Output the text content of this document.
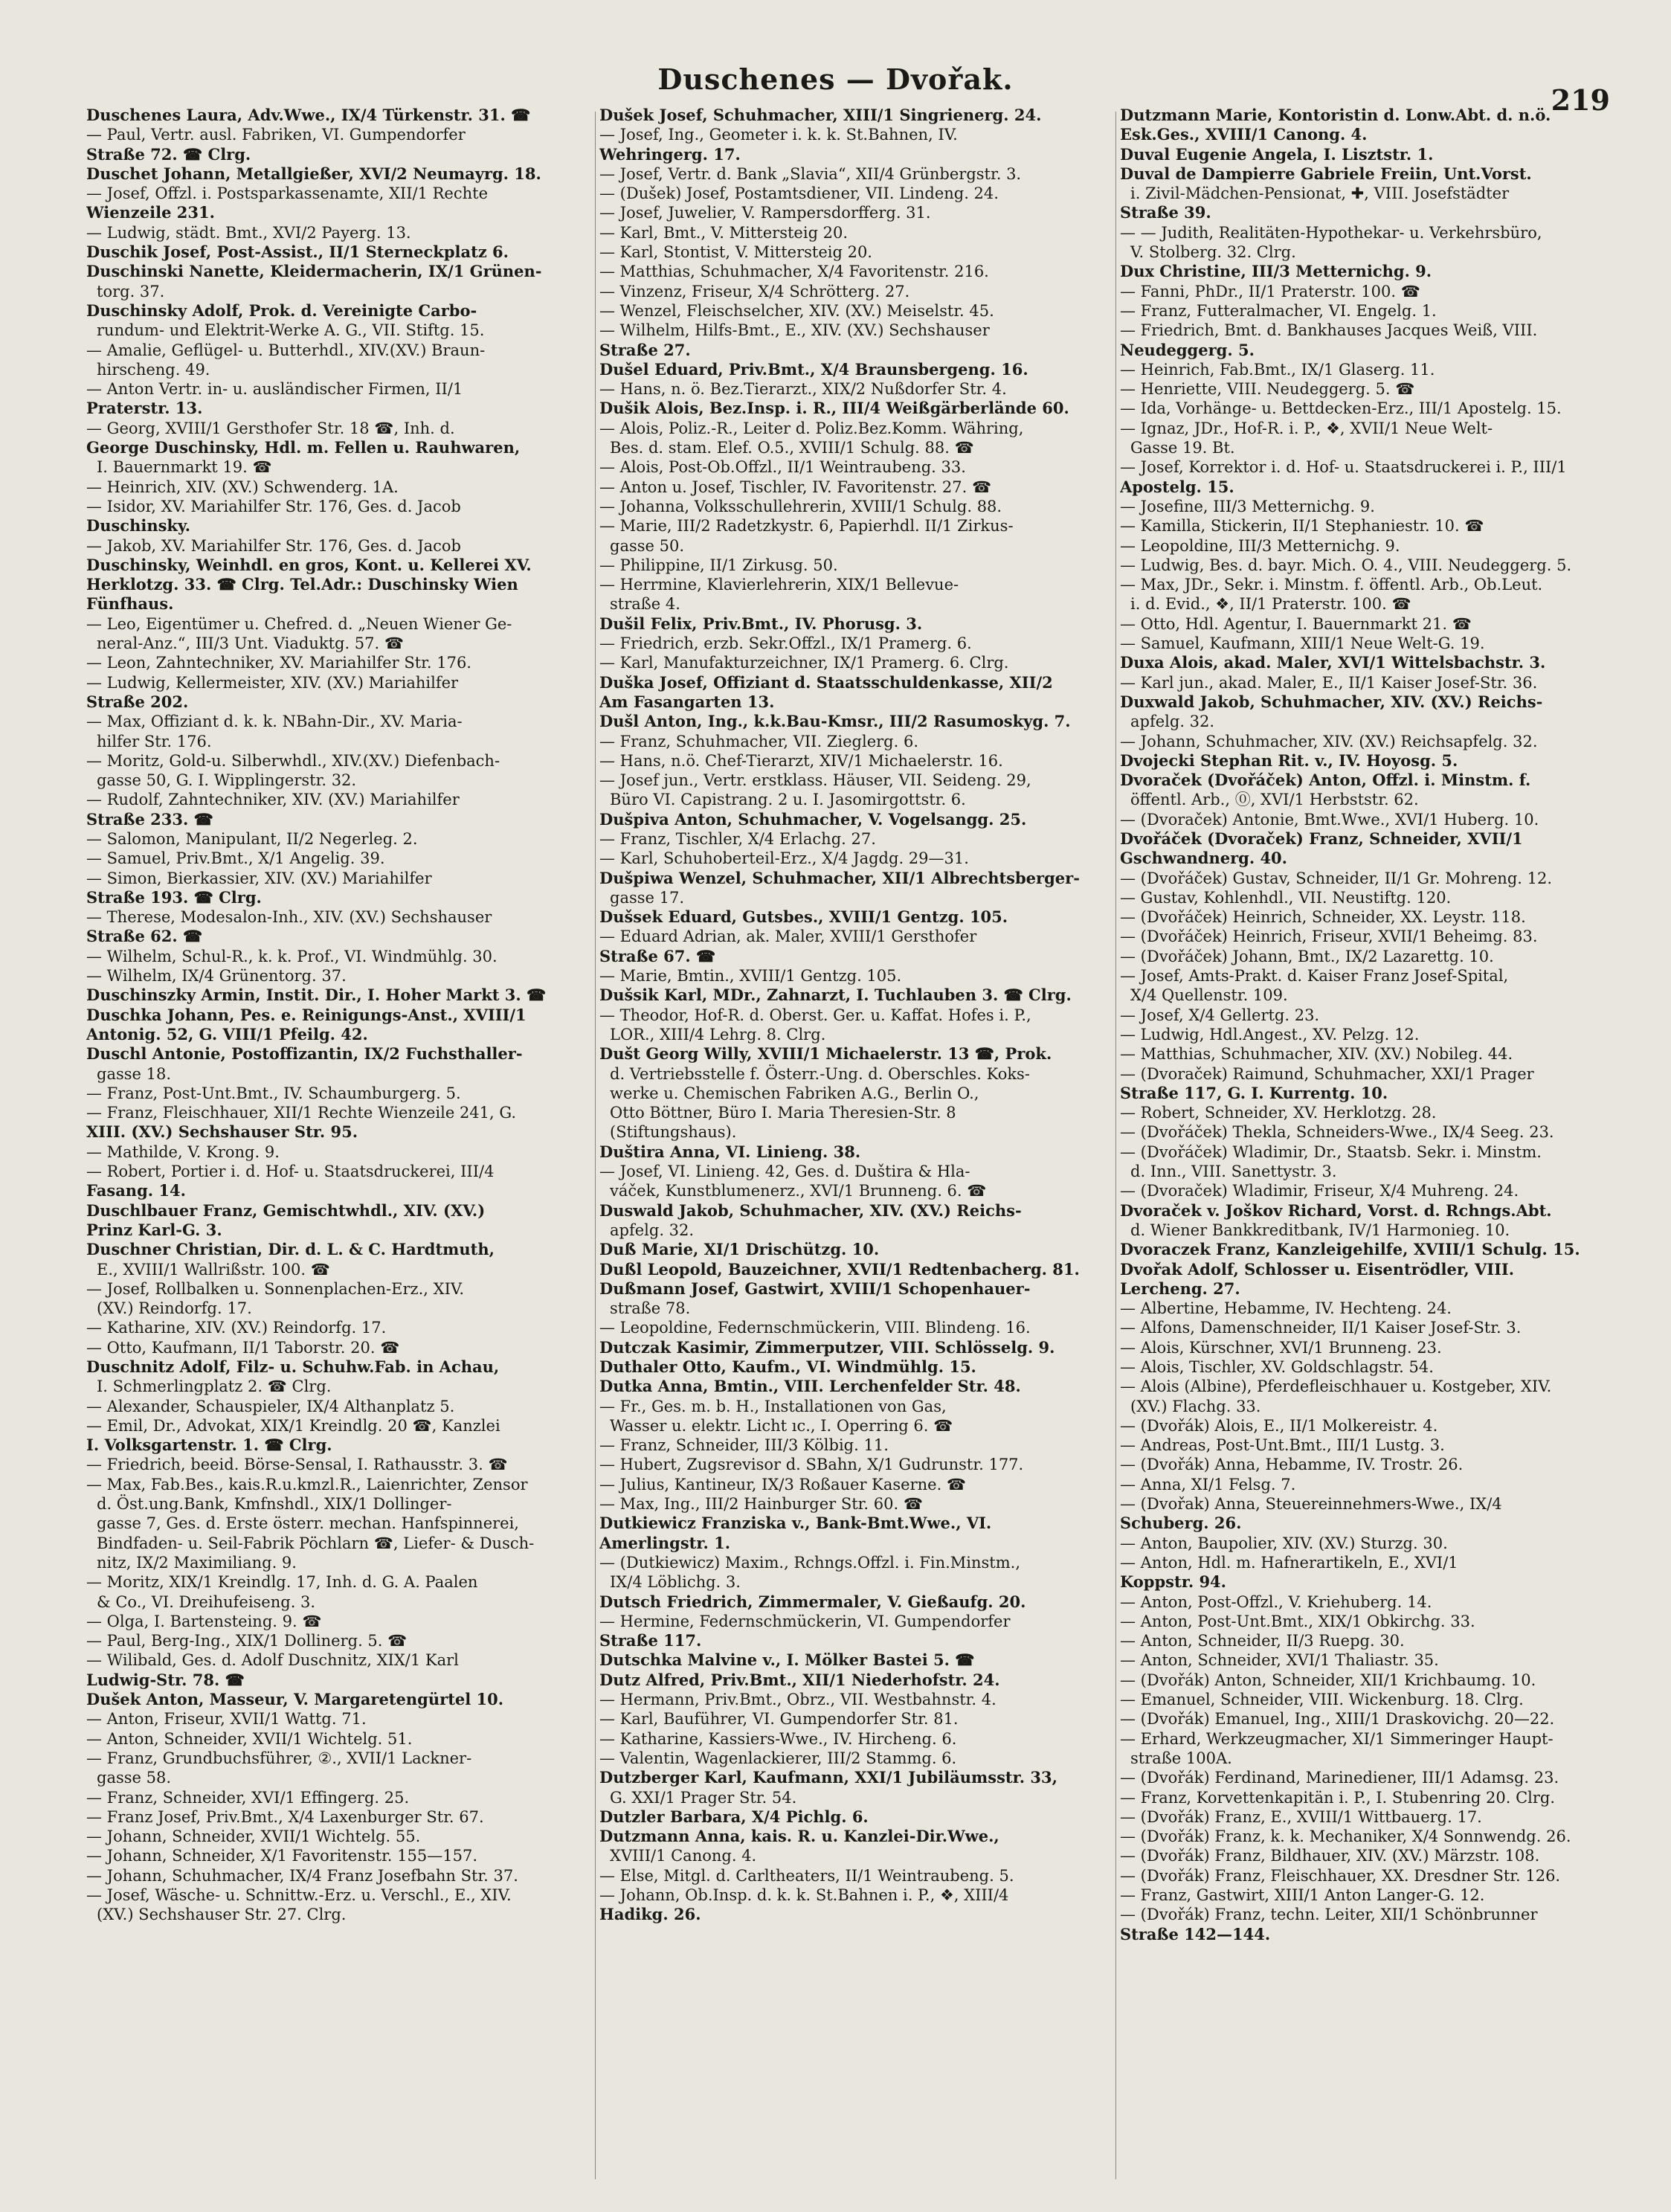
Duschenes — Dvořak.
219
Duschenes Laura, Adv.Wwe., IX/4 Türkenstr. 31. ☎
— Paul, Vertr. ausl. Fabriken, VI. Gumpendorfer
Straße 72. ☎ Clrg.
Duschet Johann, Metallgießer, XVI/2 Neumayrg. 18.
— Josef, Offzl. i. Postsparkassenamte, XII/1 Rechte
Wienzeile 231.
— Ludwig, städt. Bmt., XVI/2 Payerg. 13.
Duschik Josef, Post-Assist., II/1 Sterneckplatz 6.
Duschinski Nanette, Kleidermacherin, IX/1 Grünen-
torg. 37.
Duschinsky Adolf, Prok. d. Vereinigte Carbo-
rundum- und Elektrit-Werke A. G., VII. Stiftg. 15.
— Amalie, Geflügel- u. Butterhdl., XIV.(XV.) Braun-
hirscheng. 49.
— Anton Vertr. in- u. ausländischer Firmen, II/1
Praterstr. 13.
— Georg, XVIII/1 Gersthofer Str. 18 ☎, Inh. d.
George Duschinsky, Hdl. m. Fellen u. Rauhwaren,
I. Bauernmarkt 19. ☎
— Heinrich, XIV. (XV.) Schwenderg. 1A.
— Isidor, XV. Mariahilfer Str. 176, Ges. d. Jacob
Duschinsky.
— Jakob, XV. Mariahilfer Str. 176, Ges. d. Jacob
Duschinsky, Weinhdl. en gros, Kont. u. Kellerei XV.
Herklotzg. 33. ☎ Clrg. Tel.Adr.: Duschinsky Wien
Fünfhaus.
— Leo, Eigentümer u. Chefred. d. „Neuen Wiener Ge-
neral-Anz.“, III/3 Unt. Viaduktg. 57. ☎
— Leon, Zahntechniker, XV. Mariahilfer Str. 176.
— Ludwig, Kellermeister, XIV. (XV.) Mariahilfer
Straße 202.
— Max, Offiziant d. k. k. NBahn-Dir., XV. Maria-
hilfer Str. 176.
— Moritz, Gold-u. Silberwhdl., XIV.(XV.) Diefenbach-
gasse 50, G. I. Wipplingerstr. 32.
— Rudolf, Zahntechniker, XIV. (XV.) Mariahilfer
Straße 233. ☎
— Salomon, Manipulant, II/2 Negerleg. 2.
— Samuel, Priv.Bmt., X/1 Angelig. 39.
— Simon, Bierkassier, XIV. (XV.) Mariahilfer
Straße 193. ☎ Clrg.
— Therese, Modesalon-Inh., XIV. (XV.) Sechshauser
Straße 62. ☎
— Wilhelm, Schul-R., k. k. Prof., VI. Windmühlg. 30.
— Wilhelm, IX/4 Grünentorg. 37.
Duschinszky Armin, Instit. Dir., I. Hoher Markt 3. ☎
Duschka Johann, Pes. e. Reinigungs-Anst., XVIII/1
Antonig. 52, G. VIII/1 Pfeilg. 42.
Duschl Antonie, Postoffizantin, IX/2 Fuchsthaller-
gasse 18.
— Franz, Post-Unt.Bmt., IV. Schaumburgerg. 5.
— Franz, Fleischhauer, XII/1 Rechte Wienzeile 241, G.
XIII. (XV.) Sechshauser Str. 95.
— Mathilde, V. Krong. 9.
— Robert, Portier i. d. Hof- u. Staatsdruckerei, III/4
Fasang. 14.
Duschlbauer Franz, Gemischtwhdl., XIV. (XV.)
Prinz Karl-G. 3.
Duschner Christian, Dir. d. L. & C. Hardtmuth,
E., XVIII/1 Wallrißstr. 100. ☎
— Josef, Rollbalken u. Sonnenplachen-Erz., XIV.
(XV.) Reindorfg. 17.
— Katharine, XIV. (XV.) Reindorfg. 17.
— Otto, Kaufmann, II/1 Taborstr. 20. ☎
Duschnitz Adolf, Filz- u. Schuhw.Fab. in Achau,
I. Schmerlingplatz 2. ☎ Clrg.
— Alexander, Schauspieler, IX/4 Althanplatz 5.
— Emil, Dr., Advokat, XIX/1 Kreindlg. 20 ☎, Kanzlei
I. Volksgartenstr. 1. ☎ Clrg.
— Friedrich, beeid. Börse-Sensal, I. Rathausstr. 3. ☎
— Max, Fab.Bes., kais.R.u.kmzl.R., Laienrichter, Zensor
d. Öst.ung.Bank, Kmfnshdl., XIX/1 Dollinger-
gasse 7, Ges. d. Erste österr. mechan. Hanfspinnerei,
Bindfaden- u. Seil-Fabrik Pöchlarn ☎, Liefer- & Dusch-
nitz, IX/2 Maximiliang. 9.
— Moritz, XIX/1 Kreindlg. 17, Inh. d. G. A. Paalen
& Co., VI. Dreihufeiseng. 3.
— Olga, I. Bartensteing. 9. ☎
— Paul, Berg-Ing., XIX/1 Dollinerg. 5. ☎
— Wilibald, Ges. d. Adolf Duschnitz, XIX/1 Karl
Ludwig-Str. 78. ☎
Dušek Anton, Masseur, V. Margaretengürtel 10.
— Anton, Friseur, XVII/1 Wattg. 71.
— Anton, Schneider, XVII/1 Wichtelg. 51.
— Franz, Grundbuchsführer, ②., XVII/1 Lackner-
gasse 58.
— Franz, Schneider, XVI/1 Effingerg. 25.
— Franz Josef, Priv.Bmt., X/4 Laxenburger Str. 67.
— Johann, Schneider, XVII/1 Wichtelg. 55.
— Johann, Schneider, X/1 Favoritenstr. 155—157.
— Johann, Schuhmacher, IX/4 Franz Josefbahn Str. 37.
— Josef, Wäsche- u. Schnittw.-Erz. u. Verschl., E., XIV.
(XV.) Sechshauser Str. 27. Clrg.
Dušek Josef, Schuhmacher, XIII/1 Singrienerg. 24.
— Josef, Ing., Geometer i. k. k. St.Bahnen, IV.
Wehringerg. 17.
— Josef, Vertr. d. Bank „Slavia“, XII/4 Grünbergstr. 3.
— (Dušek) Josef, Postamtsdiener, VII. Lindeng. 24.
— Josef, Juwelier, V. Rampersdorfferg. 31.
— Karl, Bmt., V. Mittersteig 20.
— Karl, Stontist, V. Mittersteig 20.
— Matthias, Schuhmacher, X/4 Favoritenstr. 216.
— Vinzenz, Friseur, X/4 Schrötterg. 27.
— Wenzel, Fleischselcher, XIV. (XV.) Meiselstr. 45.
— Wilhelm, Hilfs-Bmt., E., XIV. (XV.) Sechshauser
Straße 27.
Dušel Eduard, Priv.Bmt., X/4 Braunsbergeng. 16.
— Hans, n. ö. Bez.Tierarzt., XIX/2 Nußdorfer Str. 4.
Dušik Alois, Bez.Insp. i. R., III/4 Weißgärberlände 60.
— Alois, Poliz.-R., Leiter d. Poliz.Bez.Komm. Währing,
Bes. d. stam. Elef. O.5., XVIII/1 Schulg. 88. ☎
— Alois, Post-Ob.Offzl., II/1 Weintraubeng. 33.
— Anton u. Josef, Tischler, IV. Favoritenstr. 27. ☎
— Johanna, Volksschullehrerin, XVIII/1 Schulg. 88.
— Marie, III/2 Radetzkystr. 6, Papierhdl. II/1 Zirkus-
gasse 50.
— Philippine, II/1 Zirkusg. 50.
— Herrmine, Klavierlehrerin, XIX/1 Bellevue-
straße 4.
Dušil Felix, Priv.Bmt., IV. Phorusg. 3.
— Friedrich, erzb. Sekr.Offzl., IX/1 Pramerg. 6.
— Karl, Manufakturzeichner, IX/1 Pramerg. 6. Clrg.
Duška Josef, Offiziant d. Staatsschuldenkasse, XII/2
Am Fasangarten 13.
Dušl Anton, Ing., k.k.Bau-Kmsr., III/2 Rasumoskyg. 7.
— Franz, Schuhmacher, VII. Zieglerg. 6.
— Hans, n.ö. Chef-Tierarzt, XIV/1 Michaelerstr. 16.
— Josef jun., Vertr. erstklass. Häuser, VII. Seideng. 29,
Büro VI. Capistrang. 2 u. I. Jasomirgottstr. 6.
Dušpiva Anton, Schuhmacher, V. Vogelsangg. 25.
— Franz, Tischler, X/4 Erlachg. 27.
— Karl, Schuhoberteil-Erz., X/4 Jagdg. 29—31.
Dušpiwa Wenzel, Schuhmacher, XII/1 Albrechtsberger-
gasse 17.
Dušsek Eduard, Gutsbes., XVIII/1 Gentzg. 105.
— Eduard Adrian, ak. Maler, XVIII/1 Gersthofer
Straße 67. ☎
— Marie, Bmtin., XVIII/1 Gentzg. 105.
Dušsik Karl, MDr., Zahnarzt, I. Tuchlauben 3. ☎ Clrg.
— Theodor, Hof-R. d. Oberst. Ger. u. Kaffat. Hofes i. P.,
LOR., XIII/4 Lehrg. 8. Clrg.
Dušt Georg Willy, XVIII/1 Michaelerstr. 13 ☎, Prok.
d. Vertriebsstelle f. Österr.-Ung. d. Oberschles. Koks-
werke u. Chemischen Fabriken A.G., Berlin O.,
Otto Böttner, Büro I. Maria Theresien-Str. 8
(Stiftungshaus).
Duštira Anna, VI. Linieng. 38.
— Josef, VI. Linieng. 42, Ges. d. Duštira & Hla-
váček, Kunstblumenerz., XVI/1 Brunneng. 6. ☎
Duswald Jakob, Schuhmacher, XIV. (XV.) Reichs-
apfelg. 32.
Duß Marie, XI/1 Drischützg. 10.
Dußl Leopold, Bauzeichner, XVII/1 Redtenbacherg. 81.
Dußmann Josef, Gastwirt, XVIII/1 Schopenhauer-
straße 78.
— Leopoldine, Federnschmückerin, VIII. Blindeng. 16.
Dutczak Kasimir, Zimmerputzer, VIII. Schlösselg. 9.
Duthaler Otto, Kaufm., VI. Windmühlg. 15.
Dutka Anna, Bmtin., VIII. Lerchenfelder Str. 48.
— Fr., Ges. m. b. H., Installationen von Gas,
Wasser u. elektr. Licht ıc., I. Operring 6. ☎
— Franz, Schneider, III/3 Kölbig. 11.
— Hubert, Zugsrevisor d. SBahn, X/1 Gudrunstr. 177.
— Julius, Kantineur, IX/3 Roßauer Kaserne. ☎
— Max, Ing., III/2 Hainburger Str. 60. ☎
Dutkiewicz Franziska v., Bank-Bmt.Wwe., VI.
Amerlingstr. 1.
— (Dutkiewicz) Maxim., Rchngs.Offzl. i. Fin.Minstm.,
IX/4 Löblichg. 3.
Dutsch Friedrich, Zimmermaler, V. Gießaufg. 20.
— Hermine, Federnschmückerin, VI. Gumpendorfer
Straße 117.
Dutschka Malvine v., I. Mölker Bastei 5. ☎
Dutz Alfred, Priv.Bmt., XII/1 Niederhofstr. 24.
— Hermann, Priv.Bmt., Obrz., VII. Westbahnstr. 4.
— Karl, Bauführer, VI. Gumpendorfer Str. 81.
— Katharine, Kassiers-Wwe., IV. Hircheng. 6.
— Valentin, Wagenlackierer, III/2 Stammg. 6.
Dutzberger Karl, Kaufmann, XXI/1 Jubiläumsstr. 33,
G. XXI/1 Prager Str. 54.
Dutzler Barbara, X/4 Pichlg. 6.
Dutzmann Anna, kais. R. u. Kanzlei-Dir.Wwe.,
XVIII/1 Canong. 4.
— Else, Mitgl. d. Carltheaters, II/1 Weintraubeng. 5.
— Johann, Ob.Insp. d. k. k. St.Bahnen i. P., ❖, XIII/4
Hadikg. 26.
Dutzmann Marie, Kontoristin d. Lonw.Abt. d. n.ö.
Esk.Ges., XVIII/1 Canong. 4.
Duval Eugenie Angela, I. Lisztstr. 1.
Duval de Dampierre Gabriele Freiin, Unt.Vorst.
i. Zivil-Mädchen-Pensionat, ✚, VIII. Josefstädter
Straße 39.
— — Judith, Realitäten-Hypothekar- u. Verkehrsbüro,
V. Stolberg. 32. Clrg.
Dux Christine, III/3 Metternichg. 9.
— Fanni, PhDr., II/1 Praterstr. 100. ☎
— Franz, Futteralmacher, VI. Engelg. 1.
— Friedrich, Bmt. d. Bankhauses Jacques Weiß, VIII.
Neudeggerg. 5.
— Heinrich, Fab.Bmt., IX/1 Glaserg. 11.
— Henriette, VIII. Neudeggerg. 5. ☎
— Ida, Vorhänge- u. Bettdecken-Erz., III/1 Apostelg. 15.
— Ignaz, JDr., Hof-R. i. P., ❖, XVII/1 Neue Welt-
Gasse 19. Bt.
— Josef, Korrektor i. d. Hof- u. Staatsdruckerei i. P., III/1
Apostelg. 15.
— Josefine, III/3 Metternichg. 9.
— Kamilla, Stickerin, II/1 Stephaniestr. 10. ☎
— Leopoldine, III/3 Metternichg. 9.
— Ludwig, Bes. d. bayr. Mich. O. 4., VIII. Neudeggerg. 5.
— Max, JDr., Sekr. i. Minstm. f. öffentl. Arb., Ob.Leut.
i. d. Evid., ❖, II/1 Praterstr. 100. ☎
— Otto, Hdl. Agentur, I. Bauernmarkt 21. ☎
— Samuel, Kaufmann, XIII/1 Neue Welt-G. 19.
Duxa Alois, akad. Maler, XVI/1 Wittelsbachstr. 3.
— Karl jun., akad. Maler, E., II/1 Kaiser Josef-Str. 36.
Duxwald Jakob, Schuhmacher, XIV. (XV.) Reichs-
apfelg. 32.
— Johann, Schuhmacher, XIV. (XV.) Reichsapfelg. 32.
Dvojecki Stephan Rit. v., IV. Hoyosg. 5.
Dvoraček (Dvořáček) Anton, Offzl. i. Minstm. f.
öffentl. Arb., ⓪, XVI/1 Herbststr. 62.
— (Dvoraček) Antonie, Bmt.Wwe., XVI/1 Huberg. 10.
Dvořáček (Dvoraček) Franz, Schneider, XVII/1
Gschwandnerg. 40.
— (Dvořáček) Gustav, Schneider, II/1 Gr. Mohreng. 12.
— Gustav, Kohlenhdl., VII. Neustiftg. 120.
— (Dvořáček) Heinrich, Schneider, XX. Leystr. 118.
— (Dvořáček) Heinrich, Friseur, XVII/1 Beheimg. 83.
— (Dvořáček) Johann, Bmt., IX/2 Lazarettg. 10.
— Josef, Amts-Prakt. d. Kaiser Franz Josef-Spital,
X/4 Quellenstr. 109.
— Josef, X/4 Gellertg. 23.
— Ludwig, Hdl.Angest., XV. Pelzg. 12.
— Matthias, Schuhmacher, XIV. (XV.) Nobileg. 44.
— (Dvoraček) Raimund, Schuhmacher, XXI/1 Prager
Straße 117, G. I. Kurrentg. 10.
— Robert, Schneider, XV. Herklotzg. 28.
— (Dvořáček) Thekla, Schneiders-Wwe., IX/4 Seeg. 23.
— (Dvořáček) Wladimir, Dr., Staatsb. Sekr. i. Minstm.
d. Inn., VIII. Sanettystr. 3.
— (Dvoraček) Wladimir, Friseur, X/4 Muhreng. 24.
Dvoraček v. Joškov Richard, Vorst. d. Rchngs.Abt.
d. Wiener Bankkreditbank, IV/1 Harmonieg. 10.
Dvoraczek Franz, Kanzleigehilfe, XVIII/1 Schulg. 15.
Dvořak Adolf, Schlosser u. Eisentrödler, VIII.
Lercheng. 27.
— Albertine, Hebamme, IV. Hechteng. 24.
— Alfons, Damenschneider, II/1 Kaiser Josef-Str. 3.
— Alois, Kürschner, XVI/1 Brunneng. 23.
— Alois, Tischler, XV. Goldschlagstr. 54.
— Alois (Albine), Pferdefleischhauer u. Kostgeber, XIV.
(XV.) Flachg. 33.
— (Dvořák) Alois, E., II/1 Molkereistr. 4.
— Andreas, Post-Unt.Bmt., III/1 Lustg. 3.
— (Dvořák) Anna, Hebamme, IV. Trostr. 26.
— Anna, XI/1 Felsg. 7.
— (Dvořak) Anna, Steuereinnehmers-Wwe., IX/4
Schuberg. 26.
— Anton, Baupolier, XIV. (XV.) Sturzg. 30.
— Anton, Hdl. m. Hafnerartikeln, E., XVI/1
Koppstr. 94.
— Anton, Post-Offzl., V. Kriehuberg. 14.
— Anton, Post-Unt.Bmt., XIX/1 Obkirchg. 33.
— Anton, Schneider, II/3 Ruepg. 30.
— Anton, Schneider, XVI/1 Thaliastr. 35.
— (Dvořák) Anton, Schneider, XII/1 Krichbaumg. 10.
— Emanuel, Schneider, VIII. Wickenburg. 18. Clrg.
— (Dvořák) Emanuel, Ing., XIII/1 Draskovichg. 20—22.
— Erhard, Werkzeugmacher, XI/1 Simmeringer Haupt-
straße 100A.
— (Dvořák) Ferdinand, Marinediener, III/1 Adamsg. 23.
— Franz, Korvettenkapitän i. P., I. Stubenring 20. Clrg.
— (Dvořák) Franz, E., XVIII/1 Wittbauerg. 17.
— (Dvořák) Franz, k. k. Mechaniker, X/4 Sonnwendg. 26.
— (Dvořák) Franz, Bildhauer, XIV. (XV.) Märzstr. 108.
— (Dvořák) Franz, Fleischhauer, XX. Dresdner Str. 126.
— Franz, Gastwirt, XIII/1 Anton Langer-G. 12.
— (Dvořák) Franz, techn. Leiter, XII/1 Schönbrunner
Straße 142—144.
